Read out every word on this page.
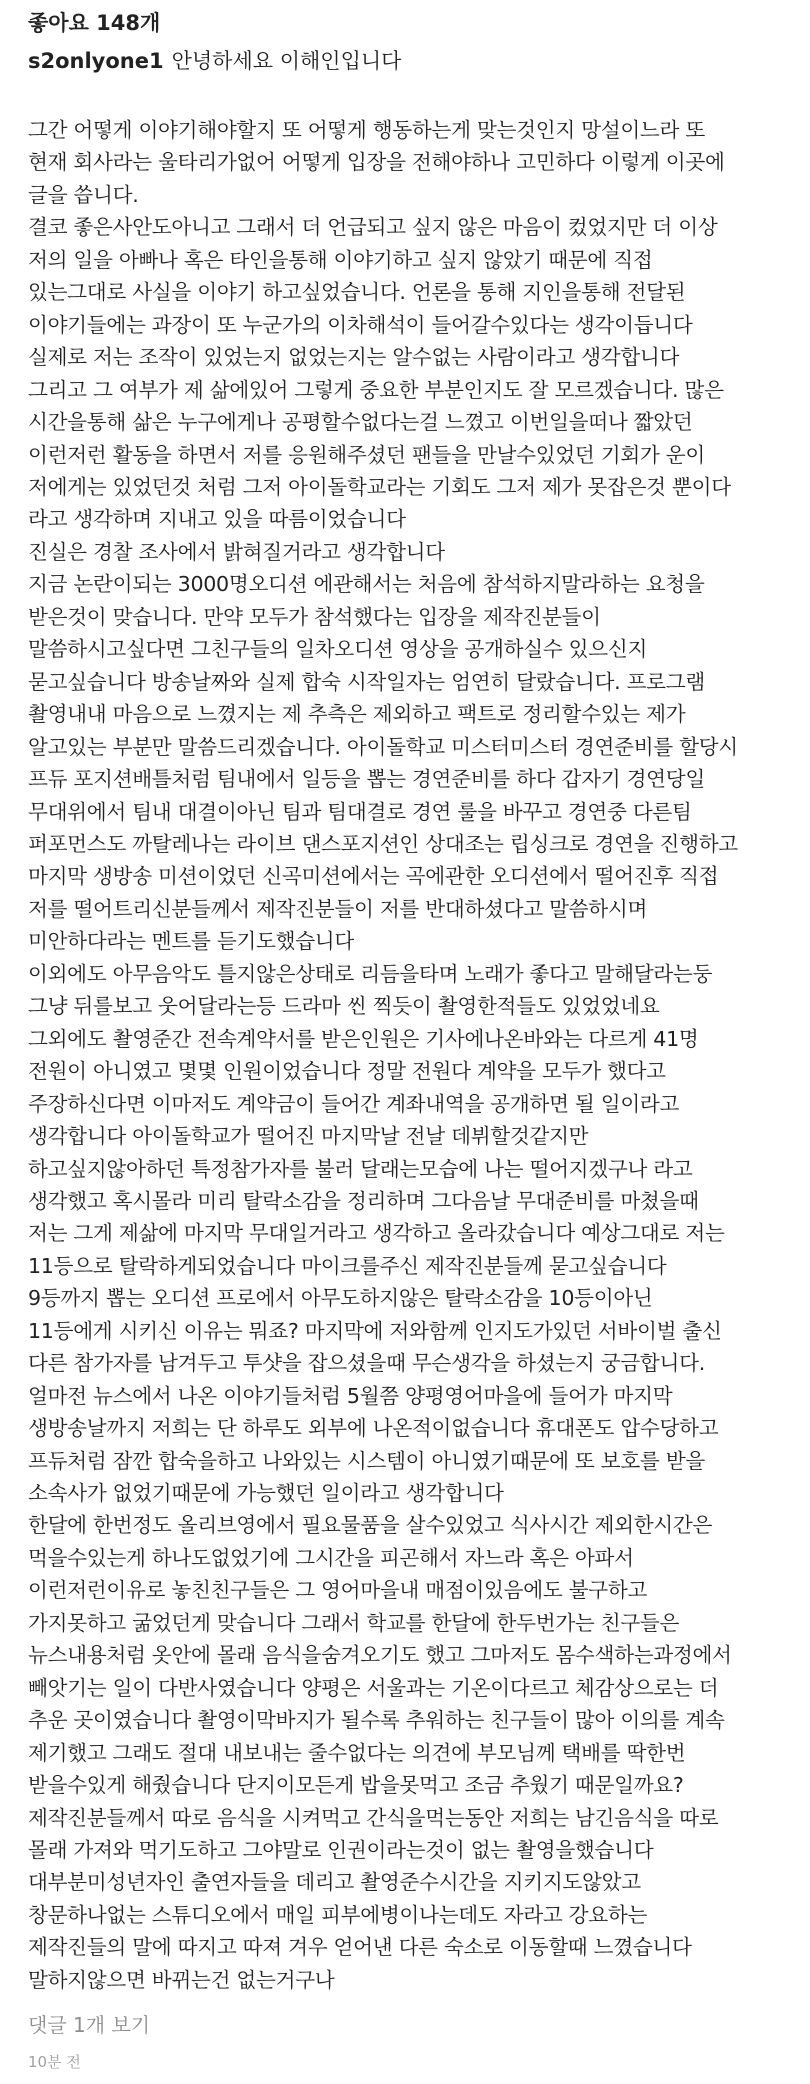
좋아요 148개
s2onlyone1 안녕하세요 이해인입니다
그간 어떻게 이야기해야할지 또 어떻게 행동하는게 맞는것인지 망설이느라 또
현재 회사라는 울타리가없어 어떻게 입장을 전해야하나 고민하다 이렇게 이곳에
글을 씁니다.
결코 좋은사안도아니고 그래서 더 언급되고 싶지 않은 마음이 컸었지만 더 이상
저의 일을 아빠나 혹은 타인을통해 이야기하고 싶지 않았기 때문에 직접
있는그대로 사실을 이야기 하고싶었습니다. 언론을 통해 지인을통해 전달된
이야기들에는 과장이 또 누군가의 이차해석이 들어갈수있다는 생각이듭니다
실제로 저는 조작이 있었는지 없었는지는 알수없는 사람이라고 생각합니다
그리고 그 여부가 제 삶에있어 그렇게 중요한 부분인지도 잘 모르겠습니다. 많은
시간을통해 삶은 누구에게나 공평할수없다는걸 느꼈고 이번일을떠나 짧았던
이런저런 활동을 하면서 저를 응원해주셨던 팬들을 만날수있었던 기회가 운이
저에게는 있었던것 처럼 그저 아이돌학교라는 기회도 그저 제가 못잡은것 뿐이다
라고 생각하며 지내고 있을 따름이었습니다
진실은 경찰 조사에서 밝혀질거라고 생각합니다
지금 논란이되는 3000명오디션 에관해서는 처음에 참석하지말라하는 요청을
받은것이 맞습니다. 만약 모두가 참석했다는 입장을 제작진분들이
말씀하시고싶다면 그친구들의 일차오디션 영상을 공개하실수 있으신지
묻고싶습니다 방송날짜와 실제 합숙 시작일자는 엄연히 달랐습니다. 프로그램
촬영내내 마음으로 느꼈지는 제 추측은 제외하고 팩트로 정리할수있는 제가
알고있는 부분만 말씀드리겠습니다. 아이돌학교 미스터미스터 경연준비를 할당시
프듀 포지션배틀처럼 팀내에서 일등을 뽑는 경연준비를 하다 갑자기 경연당일
무대위에서 팀내 대결이아닌 팀과 팀대결로 경연 룰을 바꾸고 경연중 다른팀
퍼포먼스도 까탈레나는 라이브 댄스포지션인 상대조는 립싱크로 경연을 진행하고
마지막 생방송 미션이었던 신곡미션에서는 곡에관한 오디션에서 떨어진후 직접
저를 떨어트리신분들께서 제작진분들이 저를 반대하셨다고 말씀하시며
미안하다라는 멘트를 듣기도했습니다
이외에도 아무음악도 틀지않은상태로 리듬을타며 노래가 좋다고 말해달라는둥
그냥 뒤를보고 웃어달라는등 드라마 씬 찍듯이 촬영한적들도 있었었네요
그외에도 촬영준간 전속계약서를 받은인원은 기사에나온바와는 다르게 41명
전원이 아니였고 몇몇 인원이었습니다 정말 전원다 계약을 모두가 했다고
주장하신다면 이마저도 계약금이 들어간 계좌내역을 공개하면 될 일이라고
생각합니다 아이돌학교가 떨어진 마지막날 전날 데뷔할것같지만
하고싶지않아하던 특정참가자를 불러 달래는모습에 나는 떨어지겠구나 라고
생각했고 혹시몰라 미리 탈락소감을 정리하며 그다음날 무대준비를 마쳤을때
저는 그게 제삶에 마지막 무대일거라고 생각하고 올라갔습니다 예상그대로 저는
11등으로 탈락하게되었습니다 마이크를주신 제작진분들께 묻고싶습니다
9등까지 뽑는 오디션 프로에서 아무도하지않은 탈락소감을 10등이아닌
11등에게 시키신 이유는 뭐죠? 마지막에 저와함께 인지도가있던 서바이벌 출신
다른 참가자를 남겨두고 투샷을 잡으셨을때 무슨생각을 하셨는지 궁금합니다.
얼마전 뉴스에서 나온 이야기들처럼 5월쯤 양평영어마을에 들어가 마지막
생방송날까지 저희는 단 하루도 외부에 나온적이없습니다 휴대폰도 압수당하고
프듀처럼 잠깐 합숙을하고 나와있는 시스템이 아니였기때문에 또 보호를 받을
소속사가 없었기때문에 가능했던 일이라고 생각합니다
한달에 한번정도 올리브영에서 필요물품을 살수있었고 식사시간 제외한시간은
먹을수있는게 하나도없었기에 그시간을 피곤해서 자느라 혹은 아파서
이런저런이유로 놓친친구들은 그 영어마을내 매점이있음에도 불구하고
가지못하고 굶었던게 맞습니다 그래서 학교를 한달에 한두번가는 친구들은
뉴스내용처럼 옷안에 몰래 음식을숨겨오기도 했고 그마저도 몸수색하는과정에서
빼앗기는 일이 다반사였습니다 양평은 서울과는 기온이다르고 체감상으로는 더
추운 곳이였습니다 촬영이막바지가 될수록 추워하는 친구들이 많아 이의를 계속
제기했고 그래도 절대 내보내는 줄수없다는 의견에 부모님께 택배를 딱한번
받을수있게 해줬습니다 단지이모든게 밥을못먹고 조금 추웠기 때문일까요?
제작진분들께서 따로 음식을 시켜먹고 간식을먹는동안 저희는 남긴음식을 따로
몰래 가져와 먹기도하고 그야말로 인권이라는것이 없는 촬영을했습니다
대부분미성년자인 출연자들을 데리고 촬영준수시간을 지키지도않았고
창문하나없는 스튜디오에서 매일 피부에병이나는데도 자라고 강요하는
제작진들의 말에 따지고 따져 겨우 얻어낸 다른 숙소로 이동할때 느꼈습니다
말하지않으면 바뀌는건 없는거구나
댓글 1개 보기
10분 전
